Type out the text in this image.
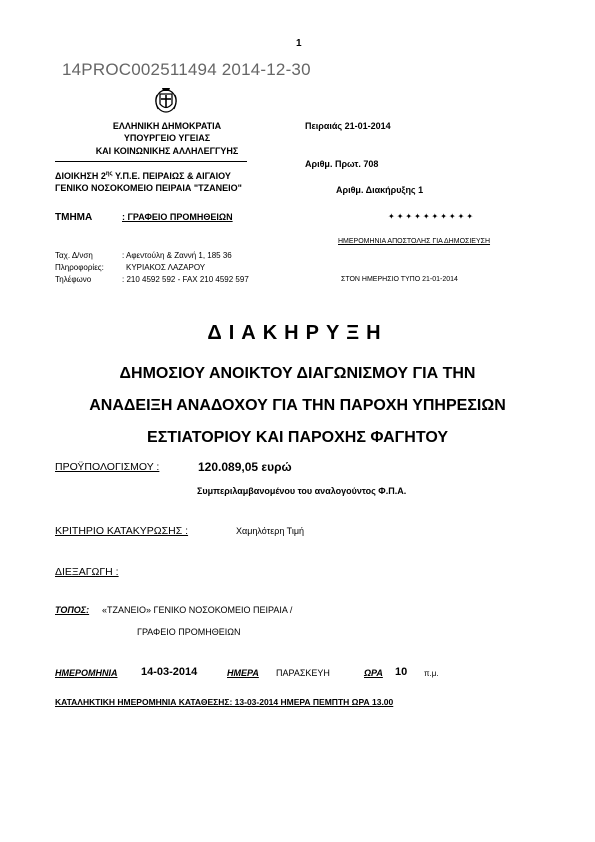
1
14PROC002511494 2014-12-30
ΕΛΛΗΝΙΚΗ ΔΗΜΟΚΡΑΤΙΑ
ΥΠΟΥΡΓΕΙΟ ΥΓΕΙΑΣ
ΚΑΙ ΚΟΙΝΩΝΙΚΗΣ ΑΛΛΗΛΕΓΓΥΗΣ
ΔΙΟΙΚΗΣΗ $2^{\eta\varsigma}$ Υ.Π.Ε. ΠΕΙΡΑΙΩΣ & ΑΙΓΑΙΟΥ
ΓΕΝΙΚΟ ΝΟΣΟΚΟΜΕΙΟ ΠΕΙΡΑΙΑ "ΤΖΑΝΕΙΟ"
Πειραιάς 21-01-2014
Αριθμ. Πρωτ. 708
Αριθμ. Διακήρυξης 1
ΤΜΗΜΑ	: ΓΡΑΦΕΙΟ ΠΡΟΜΗΘΕΙΩΝ	✦✦✦✦✦✦✦✦✦✦
ΗΜΕΡΟΜΗΝΙΑ ΑΠΟΣΤΟΛΗΣ ΓΙΑ ΔΗΜΟΣΙΕΥΣΗ
Ταχ. Δ/νση	: Αφεντούλη & Ζαννή 1, 185 36
Πληροφορίες:	ΚΥΡΙΑΚΟΣ ΛΑΖΑΡΟΥ
Τηλέφωνο	: 210 4592 592 - FAX 210 4592 597	ΣΤΟΝ ΗΜΕΡΗΣΙΟ ΤΥΠΟ 21-01-2014
ΔΙΑΚΗΡΥΞΗ
ΔΗΜΟΣΙΟΥ ΑΝΟΙΚΤΟΥ ΔΙΑΓΩΝΙΣΜΟΥ ΓΙΑ ΤΗΝ
ΑΝΑΔΕΙΞΗ ΑΝΑΔΟΧΟΥ ΓΙΑ ΤΗΝ ΠΑΡΟΧΗ ΥΠΗΡΕΣΙΩΝ
ΕΣΤΙΑΤΟΡΙΟΥ ΚΑΙ ΠΑΡΟΧΗΣ ΦΑΓΗΤΟΥ
ΠΡΟΫΠΟΛΟΓΙΣΜΟΥ :	120.089,05 ευρώ
Συμπεριλαμβανομένου του αναλογούντος Φ.Π.Α.
ΚΡΙΤΗΡΙΟ ΚΑΤΑΚΥΡΩΣΗΣ :	Χαμηλότερη Τιμή
ΔΙΕΞΑΓΩΓΗ :
ΤΟΠΟΣ: «ΤΖΑΝΕΙΟ» ΓΕΝΙΚΟ ΝΟΣΟΚΟΜΕΙΟ ΠΕΙΡΑΙΑ /
ΓΡΑΦΕΙΟ ΠΡΟΜΗΘΕΙΩΝ
ΗΜΕΡΟΜΗΝΙΑ 14-03-2014	ΗΜΕΡΑ ΠΑΡΑΣΚΕΥΗ	ΩΡΑ 10 π.μ.
ΚΑΤΑΛΗΚΤΙΚΗ ΗΜΕΡΟΜΗΝΙΑ ΚΑΤΑΘΕΣΗΣ: 13-03-2014 ΗΜΕΡΑ ΠΕΜΠΤΗ ΩΡΑ 13.00
